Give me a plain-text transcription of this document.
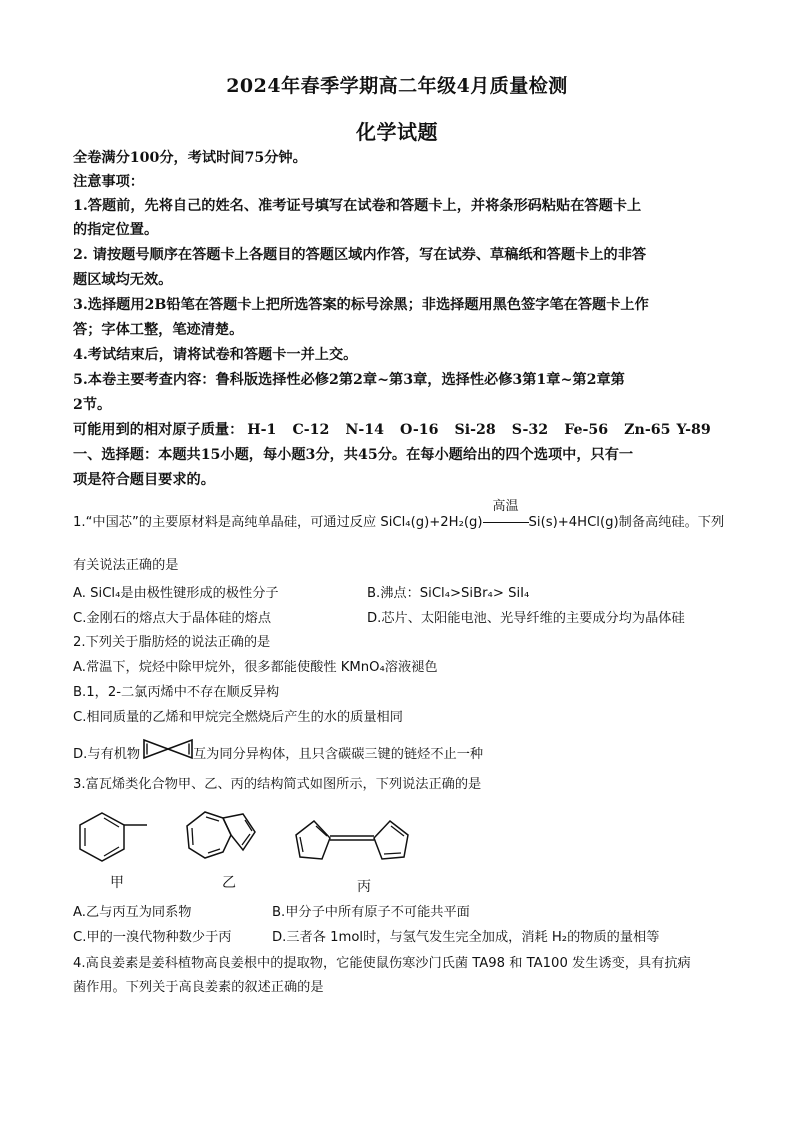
2024年春季学期高二年级4月质量检测
化学试题
全卷满分100分，考试时间75分钟。
注意事项：
1.答题前，先将自己的姓名、准考证号填写在试卷和答题卡上，并将条形码粘贴在答题卡上
的指定位置。
2. 请按题号顺序在答题卡上各题目的答题区域内作答，写在试券、草稿纸和答题卡上的非答
题区域均无效。
3.选择题用2B铅笔在答题卡上把所选答案的标号涂黑；非选择题用黑色签字笔在答题卡上作
答；字体工整，笔迹清楚。
4.考试结束后，请将试卷和答题卡一并上交。
5.本卷主要考查内容：鲁科版选择性必修2第2章~第3章，选择性必修3第1章~第2章第
2节。
可能用到的相对原子质量： H-1 C-12 N-14 O-16 Si-28 S-32 Fe-56 Zn-65 Y-89
一、选择题：本题共15小题，每小题3分，共45分。在每小题给出的四个选项中，只有一
项是符合题目要求的。
1.“中国芯”的主要原材料是高纯单晶硅，可通过反应 SiCl₄(g)+2H₂(g)
高温
Si(s)+4HCl(g)制备高纯硅。下列
有关说法正确的是
A. SiCl₄是由极性键形成的极性分子	B.沸点：SiCl₄>SiBr₄> SiI₄
C.金刚石的熔点大于晶体硅的熔点	D.芯片、太阳能电池、光导纤维的主要成分均为晶体硅
2.下列关于脂肪烃的说法正确的是
A.常温下，烷烃中除甲烷外，很多都能使酸性 KMnO₄溶液褪色
B.1，2-二氯丙烯中不存在顺反异构
C.相同质量的乙烯和甲烷完全燃烧后产生的水的质量相同
D.与有机物	互为同分异构体，且只含碳碳三键的链烃不止一种
3.富瓦烯类化合物甲、乙、丙的结构简式如图所示，下列说法正确的是
甲	乙	丙
A.乙与丙互为同系物	B.甲分子中所有原子不可能共平面
C.甲的一溴代物种数少于丙	D.三者各 1mol时，与氢气发生完全加成，消耗 H₂的物质的量相等
4.高良姜素是姜科植物高良姜根中的提取物，它能使鼠伤寒沙门氏菌 TA98 和 TA100 发生诱变，具有抗病
菌作用。下列关于高良姜素的叙述正确的是
